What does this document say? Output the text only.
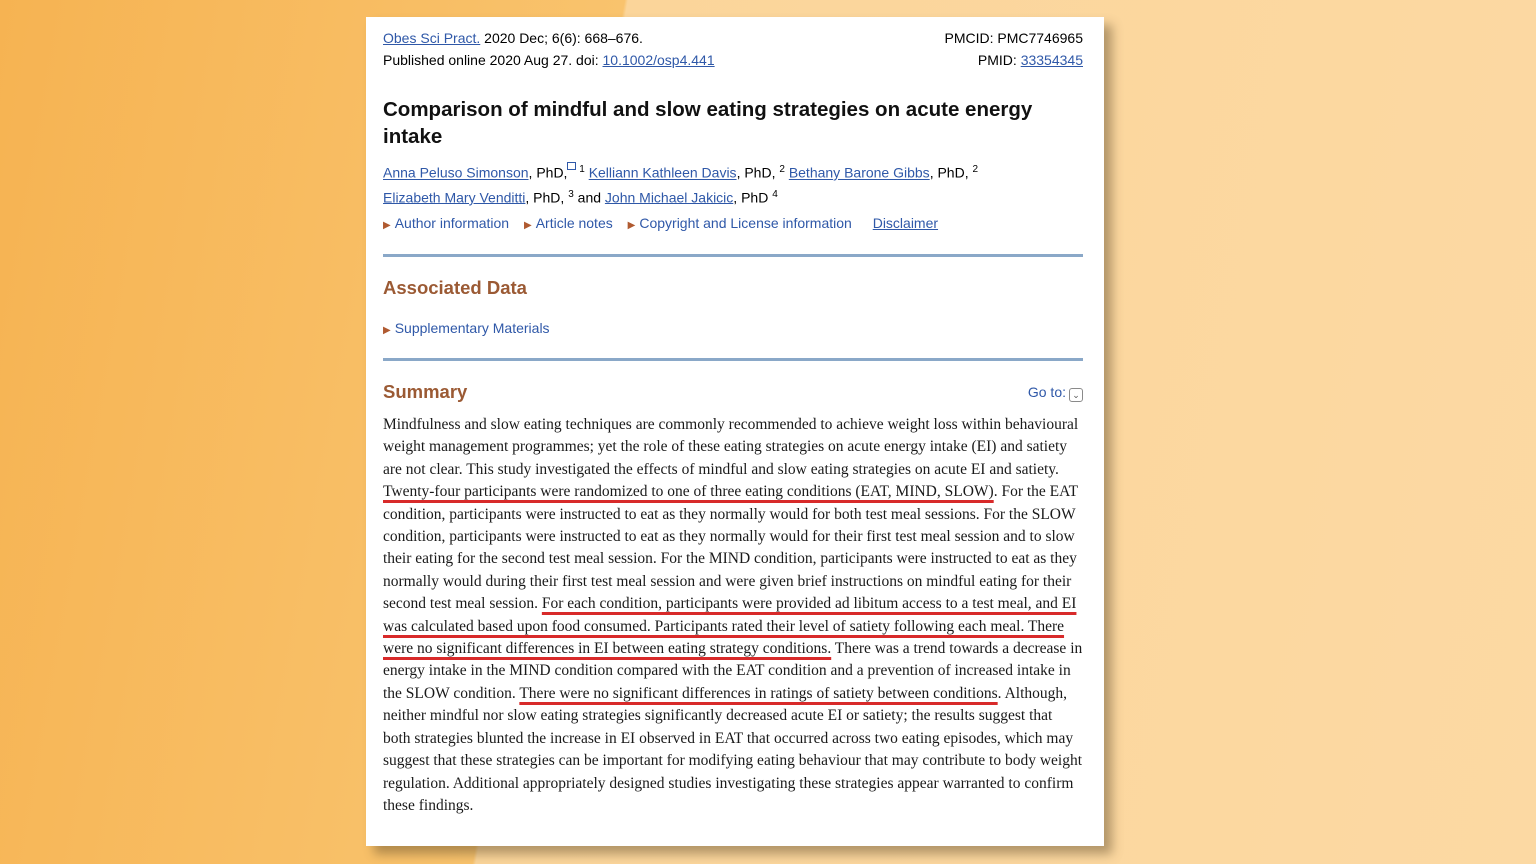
Obes Sci Pract. 2020 Dec; 6(6): 668–676.	PMCID: PMC7746965
Published online 2020 Aug 27. doi: 10.1002/osp4.441	PMID: 33354345
Comparison of mindful and slow eating strategies on acute energy intake
Anna Peluso Simonson, PhD, $^1$ Kelliann Kathleen Davis, PhD, $^2$ Bethany Barone Gibbs, PhD, $^2$
Elizabeth Mary Venditti, PhD, $^3$ and John Michael Jakicic, PhD $^4$
▶ Author information ▶ Article notes ▶ Copyright and License information Disclaimer
Associated Data
▶ Supplementary Materials
Summary	Go to: ⌄
Mindfulness and slow eating techniques are commonly recommended to achieve weight loss within behavioural weight management programmes; yet the role of these eating strategies on acute energy intake (EI) and satiety are not clear. This study investigated the effects of mindful and slow eating strategies on acute EI and satiety. Twenty-four participants were randomized to one of three eating conditions (EAT, MIND, SLOW). For the EAT condition, participants were instructed to eat as they normally would for both test meal sessions. For the SLOW condition, participants were instructed to eat as they normally would for their first test meal session and to slow their eating for the second test meal session. For the MIND condition, participants were instructed to eat as they normally would during their first test meal session and were given brief instructions on mindful eating for their second test meal session. For each condition, participants were provided ad libitum access to a test meal, and EI was calculated based upon food consumed. Participants rated their level of satiety following each meal. There were no significant differences in EI between eating strategy conditions. There was a trend towards a decrease in energy intake in the MIND condition compared with the EAT condition and a prevention of increased intake in the SLOW condition. There were no significant differences in ratings of satiety between conditions. Although, neither mindful nor slow eating strategies significantly decreased acute EI or satiety; the results suggest that both strategies blunted the increase in EI observed in EAT that occurred across two eating episodes, which may suggest that these strategies can be important for modifying eating behaviour that may contribute to body weight regulation. Additional appropriately designed studies investigating these strategies appear warranted to confirm these findings.
